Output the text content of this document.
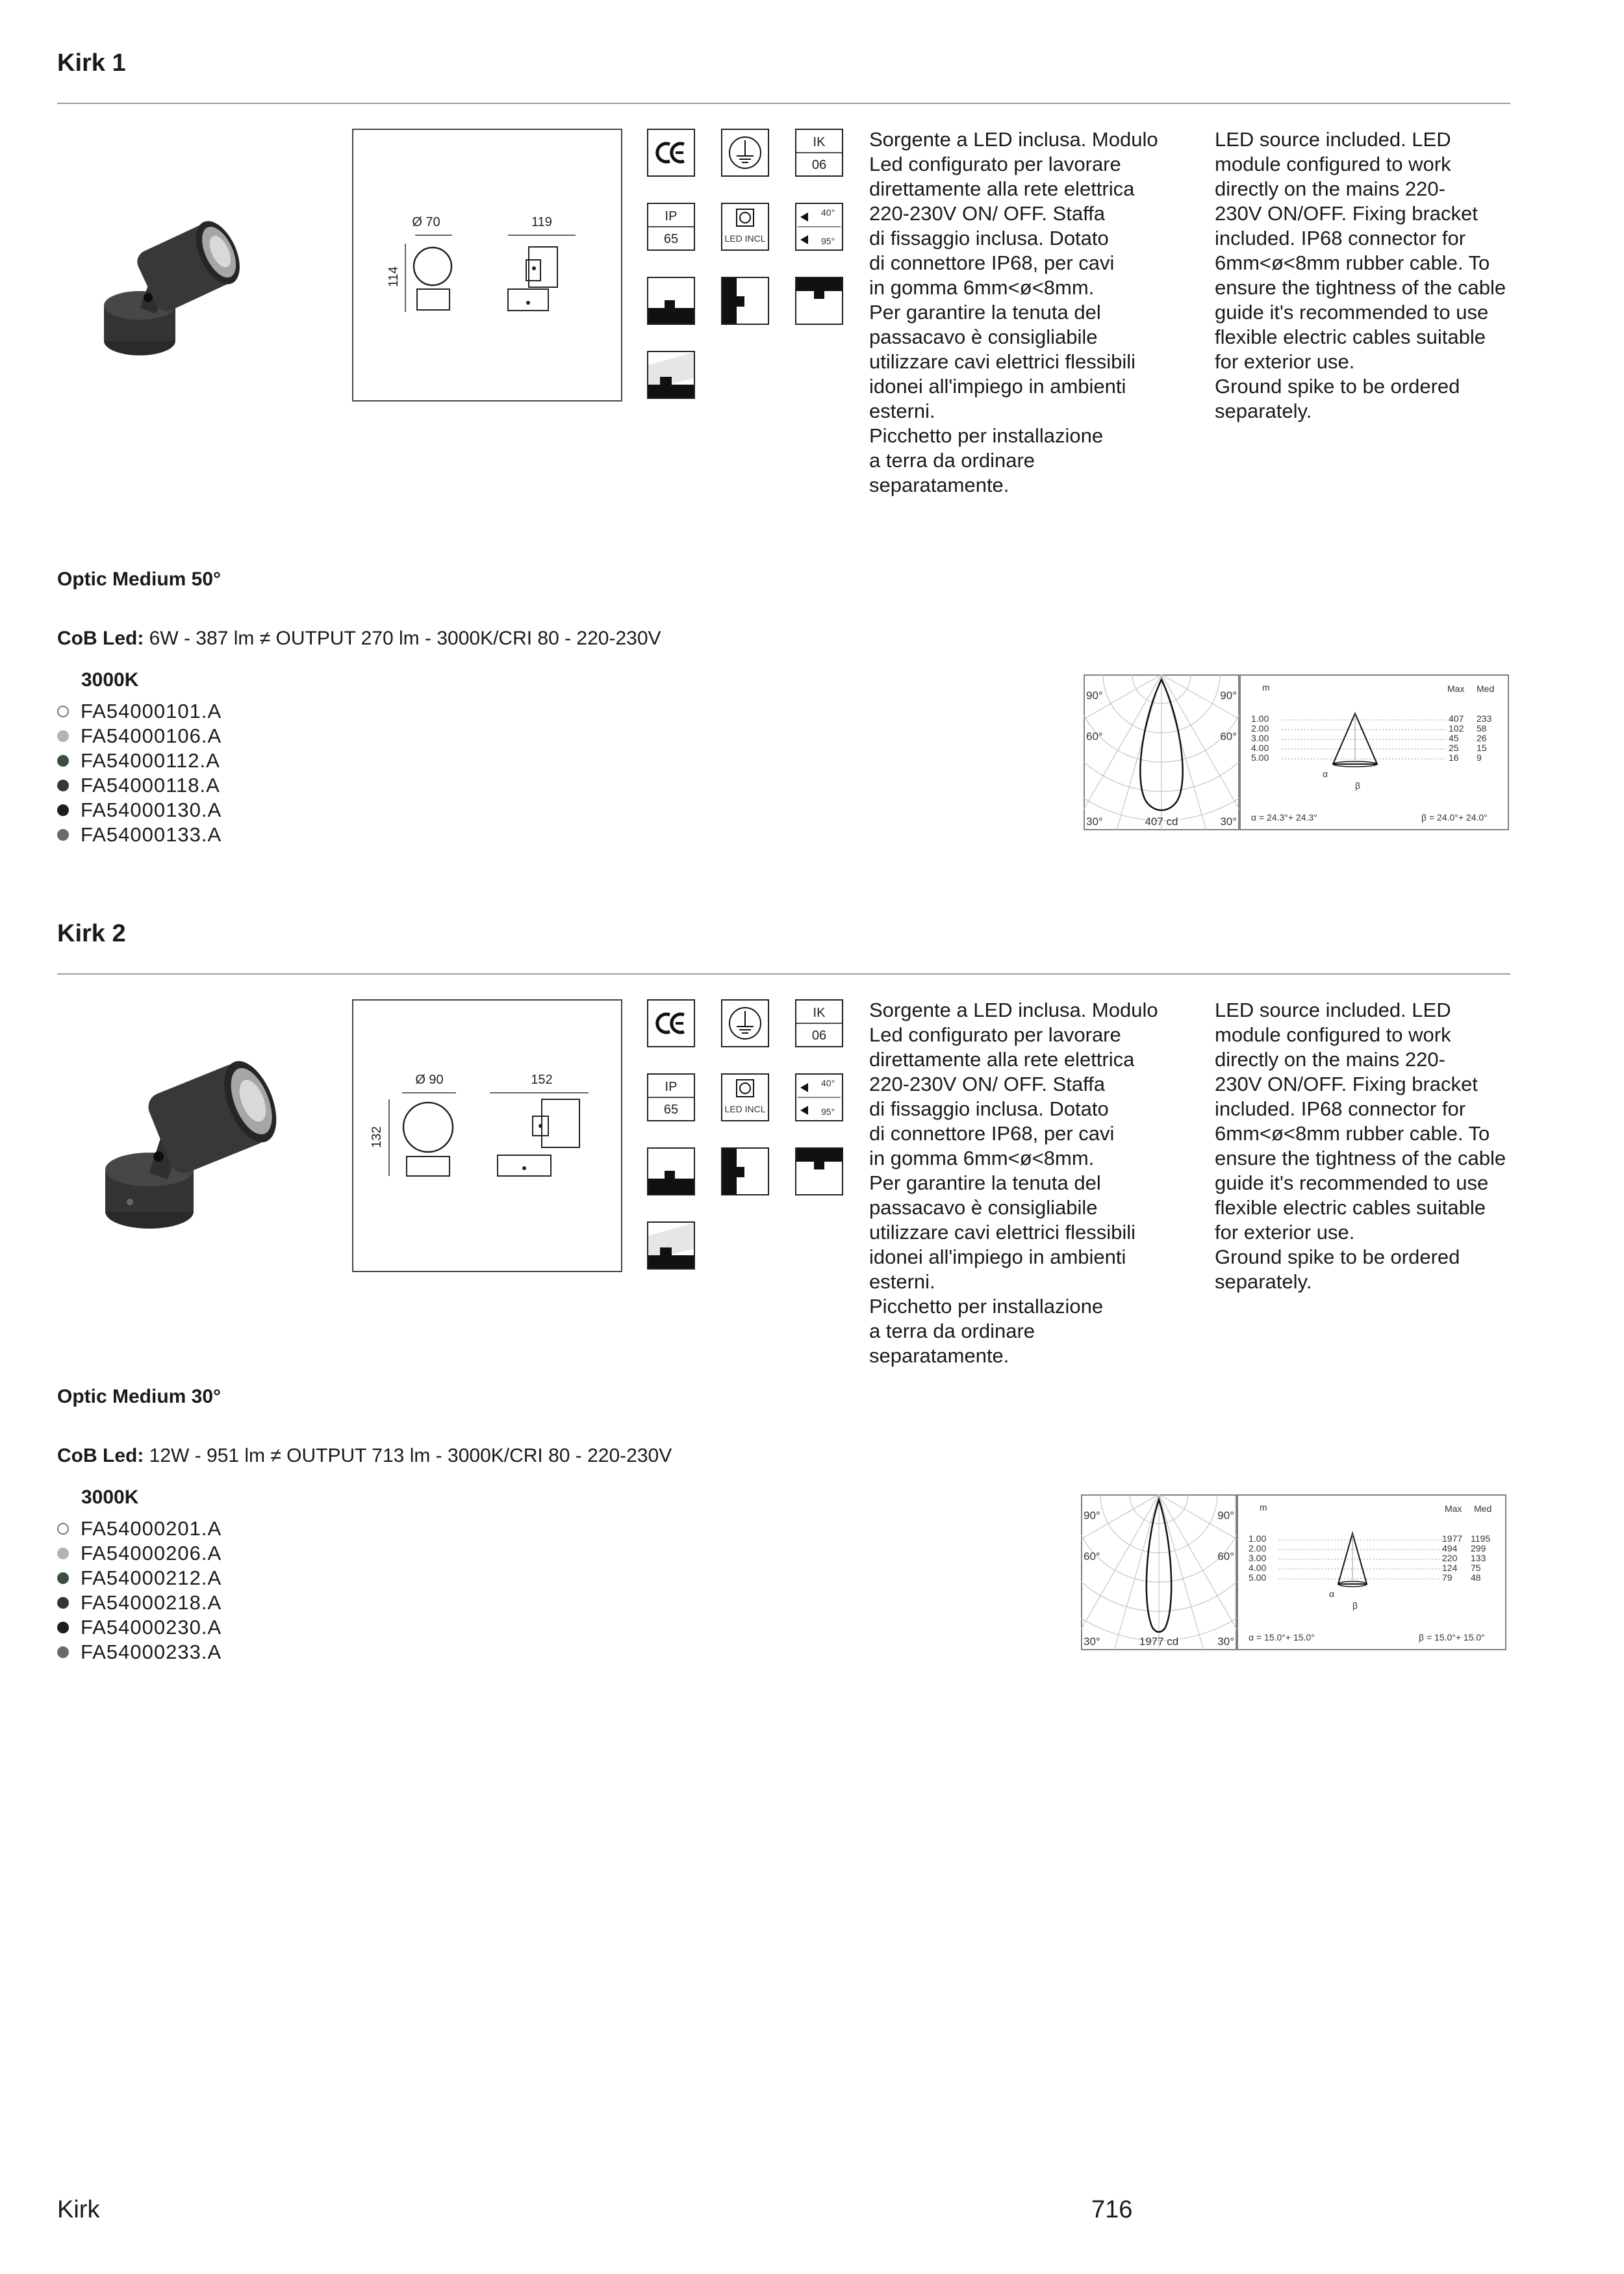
Kirk 1
Ø 70	119
114
IK
06
IP
65	LED INCL
40°
95°
Sorgente a LED inclusa. Modulo
Led configurato per lavorare
direttamente alla rete elettrica
220-230V ON/ OFF. Staffa
di fissaggio inclusa. Dotato
di connettore IP68, per cavi
in gomma 6mm<ø<8mm.
Per garantire la tenuta del
passacavo è consigliabile
utilizzare cavi elettrici flessibili
idonei all'impiego in ambienti
esterni.
Picchetto per installazione
a terra da ordinare
separatamente.
LED source included. LED
module configured to work
directly on the mains 220-
230V ON/OFF. Fixing bracket
included. IP68 connector for
6mm<ø<8mm rubber cable. To
ensure the tightness of the cable
guide it's recommended to use
flexible electric cables suitable
for exterior use.
Ground spike to be ordered
separately.
Optic Medium 50°
CoB Led: 6W - 387 lm ≠ OUTPUT 270 lm - 3000K/CRI 80 - 220-230V
3000K
FA54000101.A
FA54000106.A
FA54000112.A
FA54000118.A
FA54000130.A
FA54000133.A
90°	90°
60°	60°
30°	30°
407 cd
m	Max Med
1.00	407 233
2.00	102 58
3.00	45 26
4.00	25 15
5.00	16 9
α
β
α = 24.3°+ 24.3°	β = 24.0°+ 24.0°
Kirk 2
Ø 90	152
132
IK
06
IP
65	LED INCL
40°
95°
Sorgente a LED inclusa. Modulo
Led configurato per lavorare
direttamente alla rete elettrica
220-230V ON/ OFF. Staffa
di fissaggio inclusa. Dotato
di connettore IP68, per cavi
in gomma 6mm<ø<8mm.
Per garantire la tenuta del
passacavo è consigliabile
utilizzare cavi elettrici flessibili
idonei all'impiego in ambienti
esterni.
Picchetto per installazione
a terra da ordinare
separatamente.
LED source included. LED
module configured to work
directly on the mains 220-
230V ON/OFF. Fixing bracket
included. IP68 connector for
6mm<ø<8mm rubber cable. To
ensure the tightness of the cable
guide it's recommended to use
flexible electric cables suitable
for exterior use.
Ground spike to be ordered
separately.
Optic Medium 30°
CoB Led: 12W - 951 lm ≠ OUTPUT 713 lm - 3000K/CRI 80 - 220-230V
3000K
FA54000201.A
FA54000206.A
FA54000212.A
FA54000218.A
FA54000230.A
FA54000233.A
90°	90°
60°	60°
30°	30°
1977 cd
m	Max Med
1.00	1977 1195
2.00	494 299
3.00	220 133
4.00	124 75
5.00	79 48
α
β
α = 15.0°+ 15.0°	β = 15.0°+ 15.0°
Kirk	716
